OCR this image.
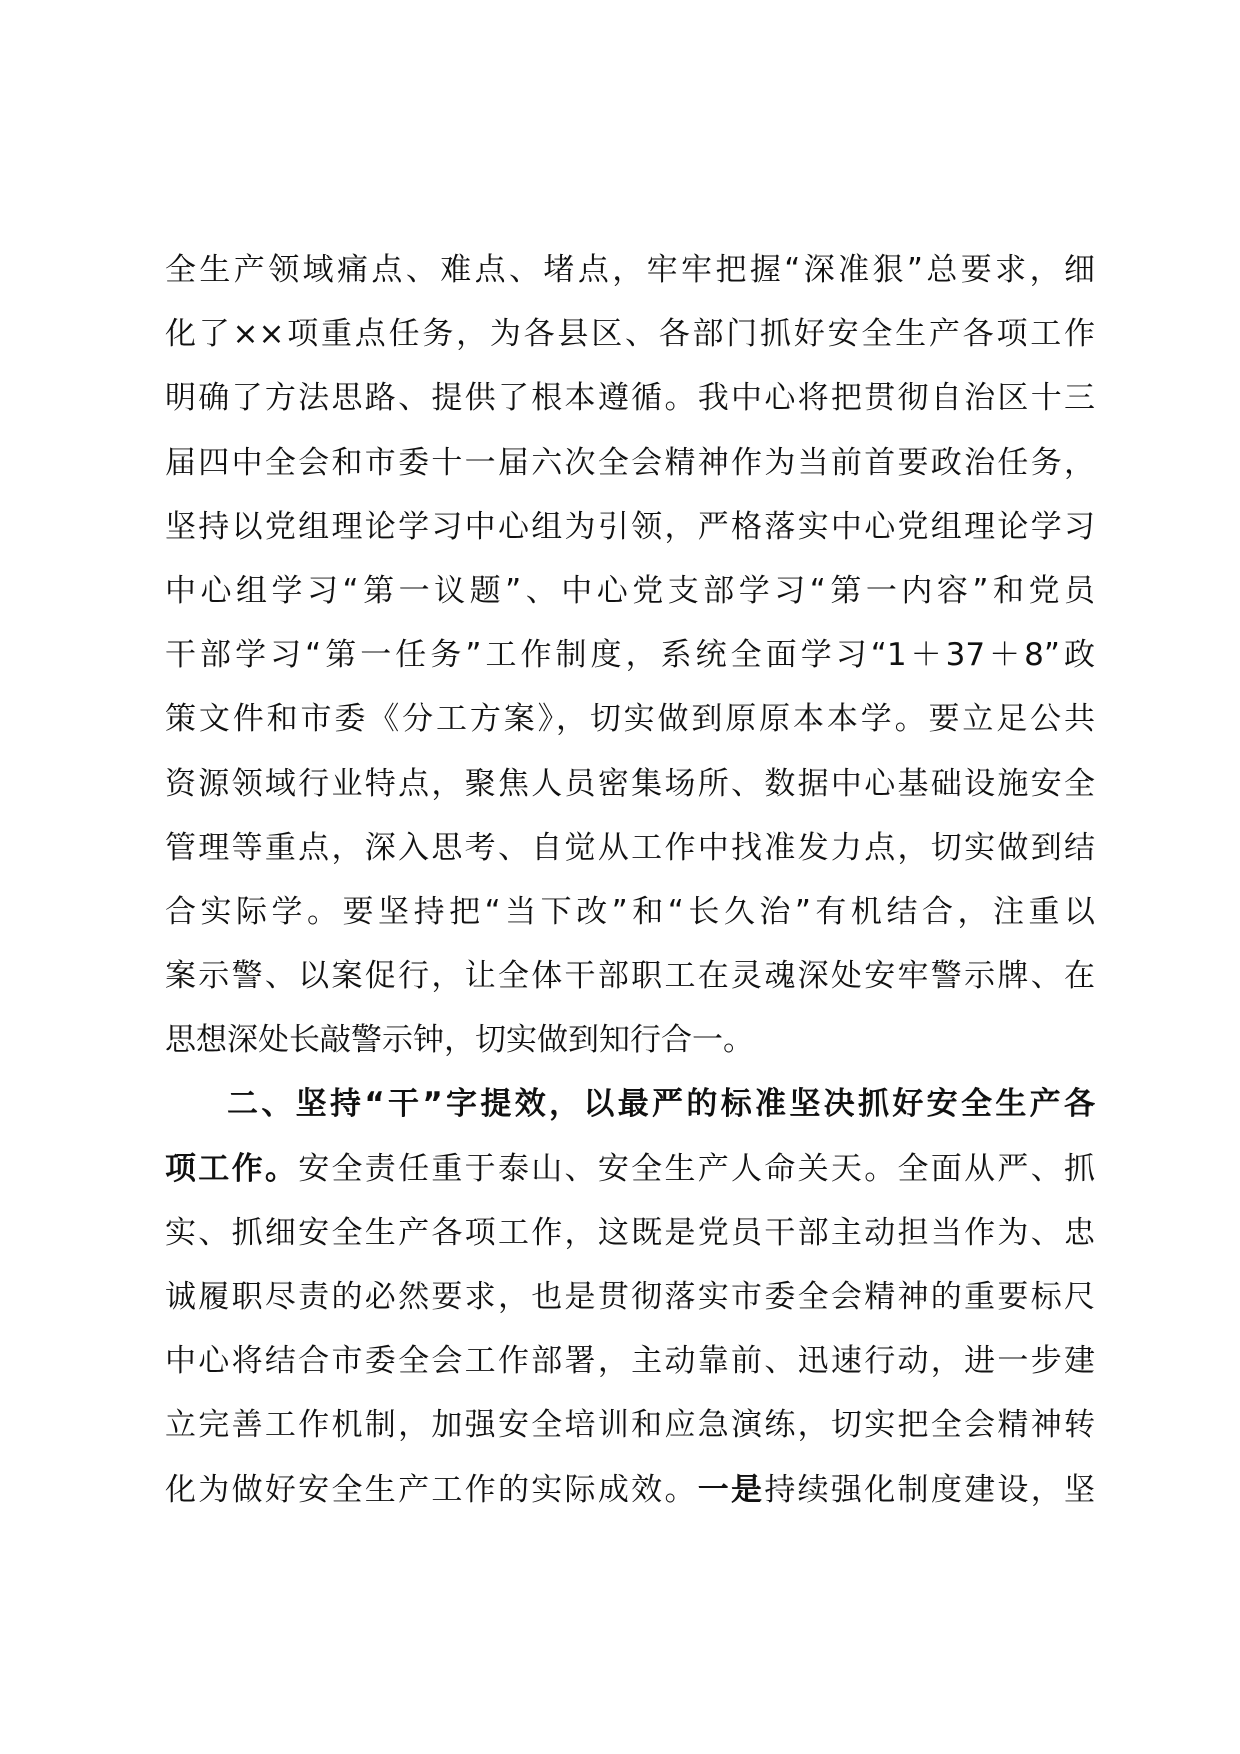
全生产领域痛点、难点、堵点，牢牢把握“深准狠”总要求，细
化了××项重点任务，为各县区、各部门抓好安全生产各项工作
明确了方法思路、提供了根本遵循。我中心将把贯彻自治区十三
届四中全会和市委十一届六次全会精神作为当前首要政治任务，
坚持以党组理论学习中心组为引领，严格落实中心党组理论学习
中心组学习“第一议题”、中心党支部学习“第一内容”和党员
干部学习“第一任务”工作制度，系统全面学习“1＋37＋8”政
策文件和市委《分工方案》，切实做到原原本本学。要立足公共
资源领域行业特点，聚焦人员密集场所、数据中心基础设施安全
管理等重点，深入思考、自觉从工作中找准发力点，切实做到结
合实际学。要坚持把“当下改”和“长久治”有机结合，注重以
案示警、以案促行，让全体干部职工在灵魂深处安牢警示牌、在
思想深处长敲警示钟，切实做到知行合一。
二、坚持“干”字提效，以最严的标准坚决抓好安全生产各
项工作。安全责任重于泰山、安全生产人命关天。全面从严、抓
实、抓细安全生产各项工作，这既是党员干部主动担当作为、忠
诚履职尽责的必然要求，也是贯彻落实市委全会精神的重要标尺
中心将结合市委全会工作部署，主动靠前、迅速行动，进一步建
立完善工作机制，加强安全培训和应急演练，切实把全会精神转
化为做好安全生产工作的实际成效。一是持续强化制度建设，坚
